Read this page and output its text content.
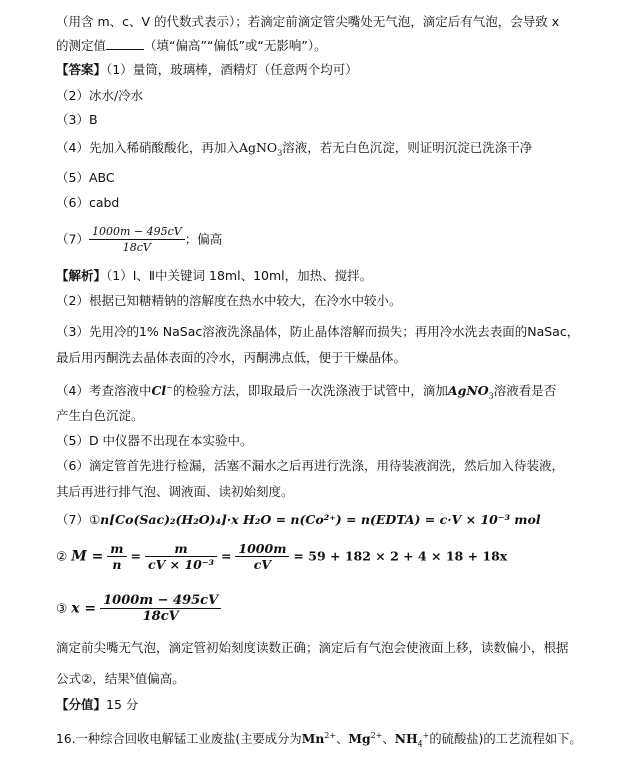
（用含 m、c、V 的代数式表示）；若滴定前滴定管尖嘴处无气泡，滴定后有气泡，会导致 x
的测定值	（填“偏高”“偏低”或“无影响”）。
【答案】（1）量筒，玻璃棒，酒精灯（任意两个均可）
（2）冰水/冷水
（3）B
（4）先加入稀硝酸酸化，再加入AgNO$_3$溶液，若无白色沉淀，则证明沉淀已洗涤干净
（5）ABC
（6）cabd
$(7) \frac{1000m - 495cV}{18cV}$ ；偏高
【解析】（1）Ⅰ、Ⅱ中关键词 18ml、10ml，加热、搅拌。
（2）根据已知糖精钠的溶解度在热水中较大，在冷水中较小。
（3）先用冷的1% NaSac溶液洗涤晶体，防止晶体溶解而损失；再用冷水洗去表面的NaSac，
最后用丙酮洗去晶体表面的冷水，丙酮沸点低，便于干燥晶体。
（4）考查溶液中Cl−的检验方法，即取最后一次洗涤液于试管中，滴加AgNO$_3$溶液看是否
产生白色沉淀。
（5）D 中仪器不出现在本实验中。
（6）滴定管首先进行检漏，活塞不漏水之后再进行洗涤，用待装液润洗，然后加入待装液，
其后再进行排气泡、调液面、读初始刻度。
（7）①n[Co(Sac)₂(H₂O)₄]·x H₂O = n(Co²⁺) = n(EDTA) = c·V × 10⁻³ mol
② $M = \frac{m}{n} = \frac{m}{\text{cV × 10⁻³}} = \frac{1000m}{cV} = 59 + 182 \times 2 + 4 \times 18 + 18x$
③ $x = \frac{1000m - 495cV}{18cV}$
滴定前尖嘴无气泡，滴定管初始刻度读数正确；滴定后有气泡会使液面上移，读数偏小，根据
公式②，结果$^x$值偏高。
【分值】15 分
16.一种综合回收电解锰工业废盐(主要成分为$Mn^{2+}$、$Mg^{2+}$、$NH_4^+$的硫酸盐)的工艺流程如下。
